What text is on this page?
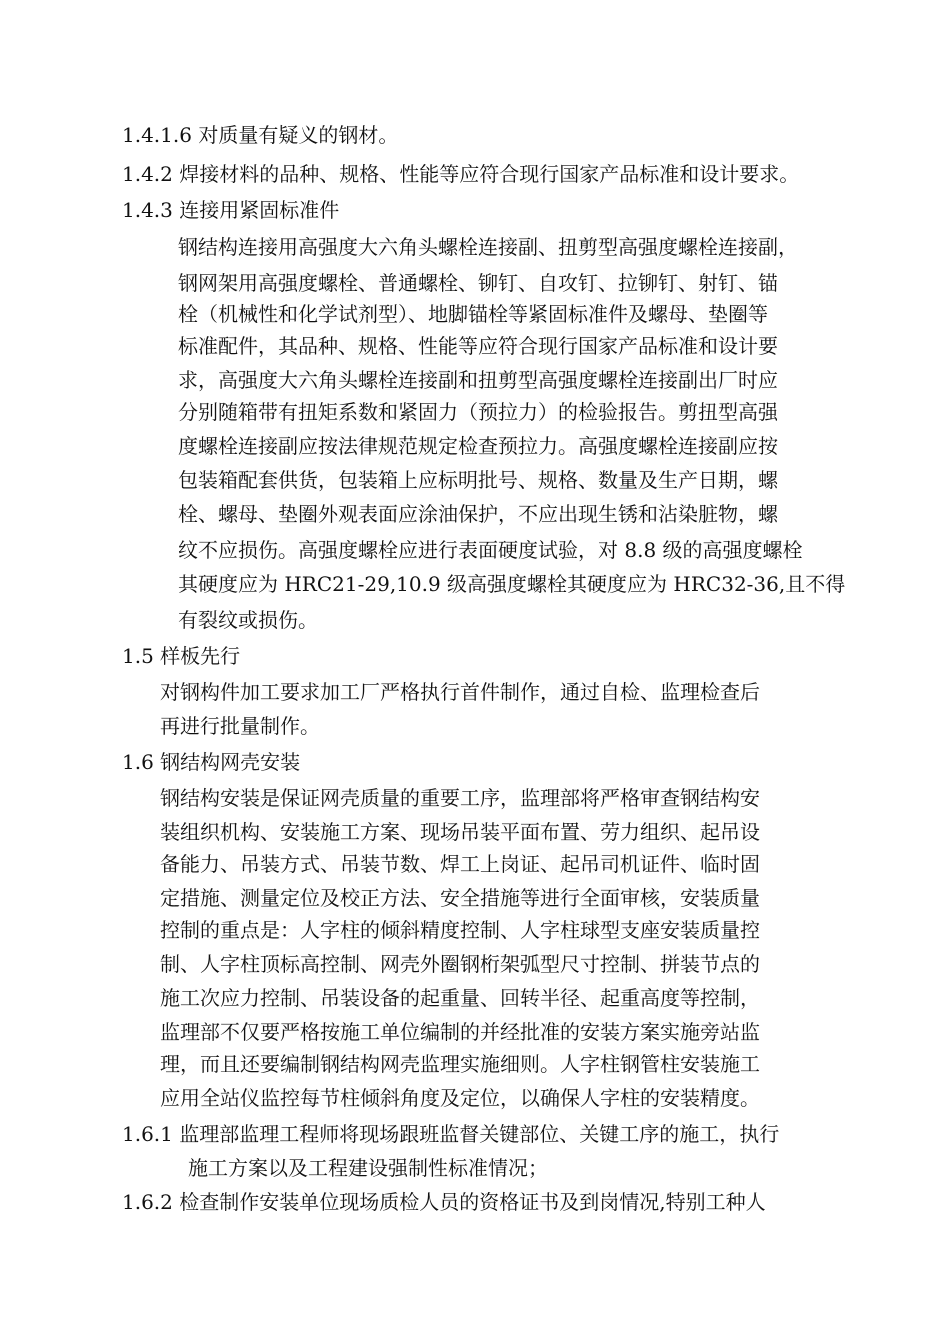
1.4.1.6 对质量有疑义的钢材。
1.4.2 焊接材料的品种、规格、性能等应符合现行国家产品标准和设计要求。
1.4.3 连接用紧固标准件
钢结构连接用高强度大六角头螺栓连接副、扭剪型高强度螺栓连接副，
钢网架用高强度螺栓、普通螺栓、铆钉、自攻钉、拉铆钉、射钉、锚
栓（机械性和化学试剂型）、地脚锚栓等紧固标准件及螺母、垫圈等
标准配件，其品种、规格、性能等应符合现行国家产品标准和设计要
求，高强度大六角头螺栓连接副和扭剪型高强度螺栓连接副出厂时应
分别随箱带有扭矩系数和紧固力（预拉力）的检验报告。剪扭型高强
度螺栓连接副应按法律规范规定检查预拉力。高强度螺栓连接副应按
包装箱配套供货，包装箱上应标明批号、规格、数量及生产日期，螺
栓、螺母、垫圈外观表面应涂油保护，不应出现生锈和沾染脏物，螺
纹不应损伤。高强度螺栓应进行表面硬度试验，对 8.8 级的高强度螺栓
其硬度应为 HRC21-29,10.9 级高强度螺栓其硬度应为 HRC32-36,且不得
有裂纹或损伤。
1.5 样板先行
对钢构件加工要求加工厂严格执行首件制作，通过自检、监理检查后
再进行批量制作。
1.6 钢结构网壳安装
钢结构安装是保证网壳质量的重要工序，监理部将严格审查钢结构安
装组织机构、安装施工方案、现场吊装平面布置、劳力组织、起吊设
备能力、吊装方式、吊装节数、焊工上岗证、起吊司机证件、临时固
定措施、测量定位及校正方法、安全措施等进行全面审核，安装质量
控制的重点是：人字柱的倾斜精度控制、人字柱球型支座安装质量控
制、人字柱顶标高控制、网壳外圈钢桁架弧型尺寸控制、拼装节点的
施工次应力控制、吊装设备的起重量、回转半径、起重高度等控制，
监理部不仅要严格按施工单位编制的并经批准的安装方案实施旁站监
理，而且还要编制钢结构网壳监理实施细则。人字柱钢管柱安装施工
应用全站仪监控每节柱倾斜角度及定位，以确保人字柱的安装精度。
1.6.1 监理部监理工程师将现场跟班监督关键部位、关键工序的施工，执行
施工方案以及工程建设强制性标准情况；
1.6.2 检查制作安装单位现场质检人员的资格证书及到岗情况,特别工种人
